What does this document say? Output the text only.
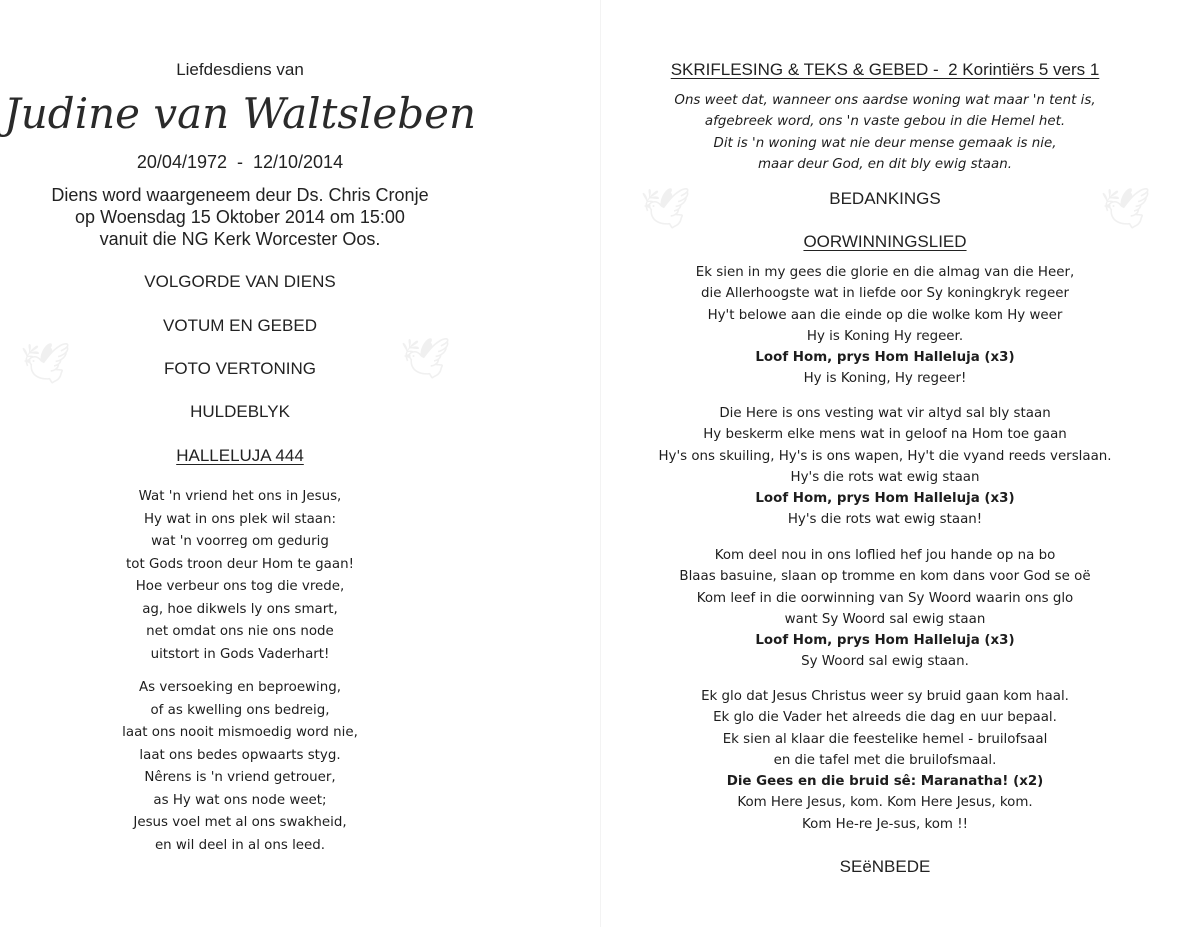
🕊	🕊
🕊	🕊
Liefdesdiens van
Judine van Waltsleben
20/04/1972  -  12/10/2014
Diens word waargeneem deur Ds. Chris Cronje
op Woensdag 15 Oktober 2014 om 15:00
vanuit die NG Kerk Worcester Oos.
VOLGORDE VAN DIENS
VOTUM EN GEBED
FOTO VERTONING
HULDEBLYK
HALLELUJA 444
Wat 'n vriend het ons in Jesus,
Hy wat in ons plek wil staan:
wat 'n voorreg om gedurig
tot Gods troon deur Hom te gaan!
Hoe verbeur ons tog die vrede,
ag, hoe dikwels ly ons smart,
net omdat ons nie ons node
uitstort in Gods Vaderhart!
As versoeking en beproewing,
of as kwelling ons bedreig,
laat ons nooit mismoedig word nie,
laat ons bedes opwaarts styg.
Nêrens is 'n vriend getrouer,
as Hy wat ons node weet;
Jesus voel met al ons swakheid,
en wil deel in al ons leed.
SKRIFLESING & TEKS & GEBED -  2 Korintiërs 5 vers 1
Ons weet dat, wanneer ons aardse woning wat maar 'n tent is,
afgebreek word, ons 'n vaste gebou in die Hemel het.
Dit is 'n woning wat nie deur mense gemaak is nie,
maar deur God, en dit bly ewig staan.
BEDANKINGS
OORWINNINGSLIED
Ek sien in my gees die glorie en die almag van die Heer,
die Allerhoogste wat in liefde oor Sy koningkryk regeer
Hy't belowe aan die einde op die wolke kom Hy weer
Hy is Koning Hy regeer.
Loof Hom, prys Hom Halleluja (x3)
Hy is Koning, Hy regeer!
Die Here is ons vesting wat vir altyd sal bly staan
Hy beskerm elke mens wat in geloof na Hom toe gaan
Hy's ons skuiling, Hy's is ons wapen, Hy't die vyand reeds verslaan.
Hy's die rots wat ewig staan
Loof Hom, prys Hom Halleluja (x3)
Hy's die rots wat ewig staan!
Kom deel nou in ons loflied hef jou hande op na bo
Blaas basuine, slaan op tromme en kom dans voor God se oë
Kom leef in die oorwinning van Sy Woord waarin ons glo
want Sy Woord sal ewig staan
Loof Hom, prys Hom Halleluja (x3)
Sy Woord sal ewig staan.
Ek glo dat Jesus Christus weer sy bruid gaan kom haal.
Ek glo die Vader het alreeds die dag en uur bepaal.
Ek sien al klaar die feestelike hemel - bruilofsaal
en die tafel met die bruilofsmaal.
Die Gees en die bruid sê: Maranatha! (x2)
Kom Here Jesus, kom. Kom Here Jesus, kom.
Kom He-re Je-sus, kom !!
SEëNBEDE
